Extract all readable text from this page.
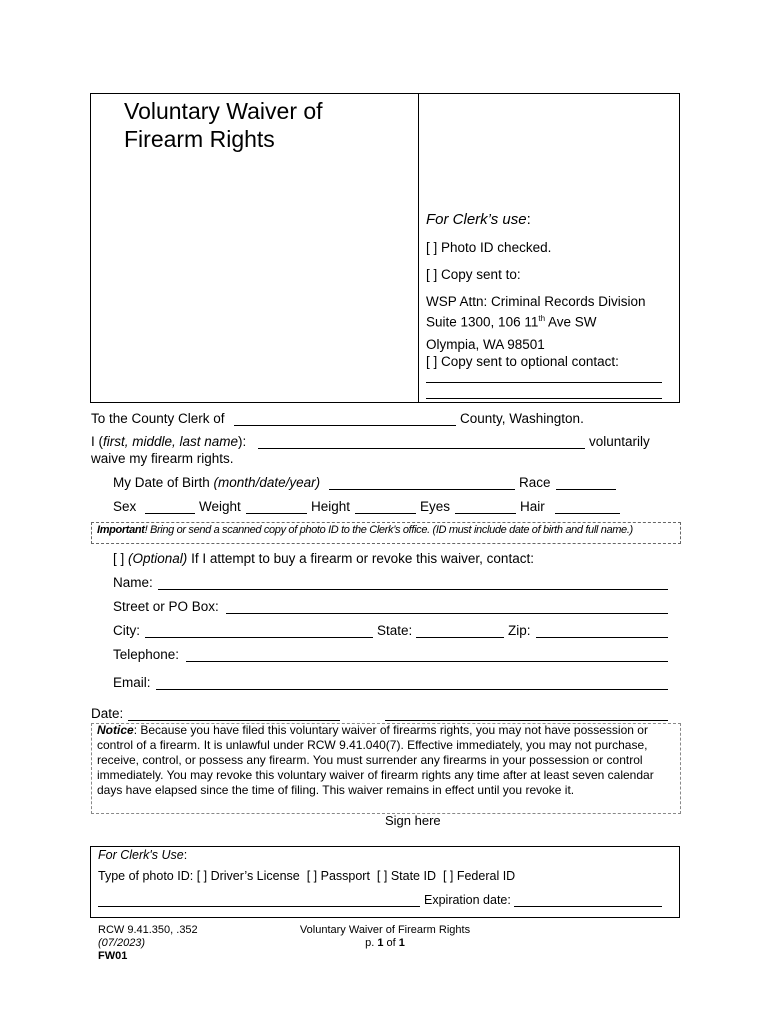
Voluntary Waiver of
Firearm Rights
For Clerk’s use:
[ ] Photo ID checked.
[ ] Copy sent to:
WSP Attn: Criminal Records Division
Suite 1300, 106 11th Ave SW
Olympia, WA 98501
[ ] Copy sent to optional contact:
To the County Clerk of	County, Washington.
I (first, middle, last name):	voluntarily
waive my firearm rights.
My Date of Birth (month/date/year)	Race
Sex	Weight	Height	Eyes	Hair
Important! Bring or send a scanned copy of photo ID to the Clerk’s office. (ID must include date of birth and full name.)
[ ] (Optional) If I attempt to buy a firearm or revoke this waiver, contact:
Name:
Street or PO Box:
City:	State:	Zip:
Telephone:
Email:
Date:
Notice: Because you have filed this voluntary waiver of firearms rights, you may not have possession or control of a firearm. It is unlawful under RCW 9.41.040(7). Effective immediately, you may not purchase, receive, control, or possess any firearm. You must surrender any firearms in your possession or control immediately. You may revoke this voluntary waiver of firearm rights any time after at least seven calendar days have elapsed since the time of filing. This waiver remains in effect until you revoke it.
Sign here
For Clerk's Use:
Type of photo ID: [ ] Driver’s License [ ] Passport [ ] State ID [ ] Federal ID
Expiration date:
RCW 9.41.350, .352
(07/2023)
FW01
Voluntary Waiver of Firearm Rights
p. 1 of 1
